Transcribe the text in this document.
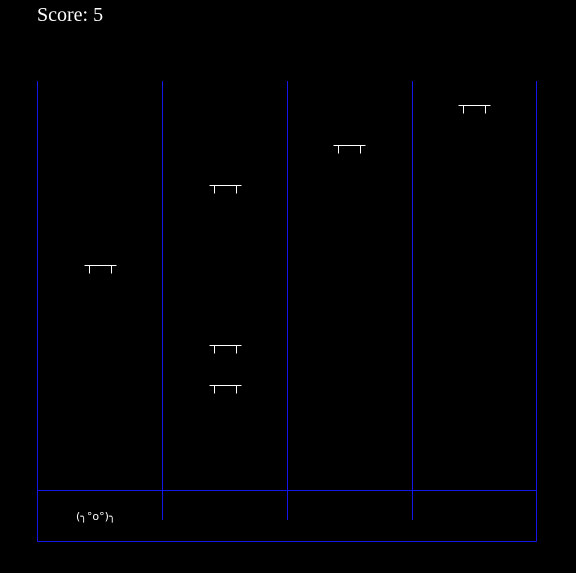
Score: 5
(╮°o°)╮
